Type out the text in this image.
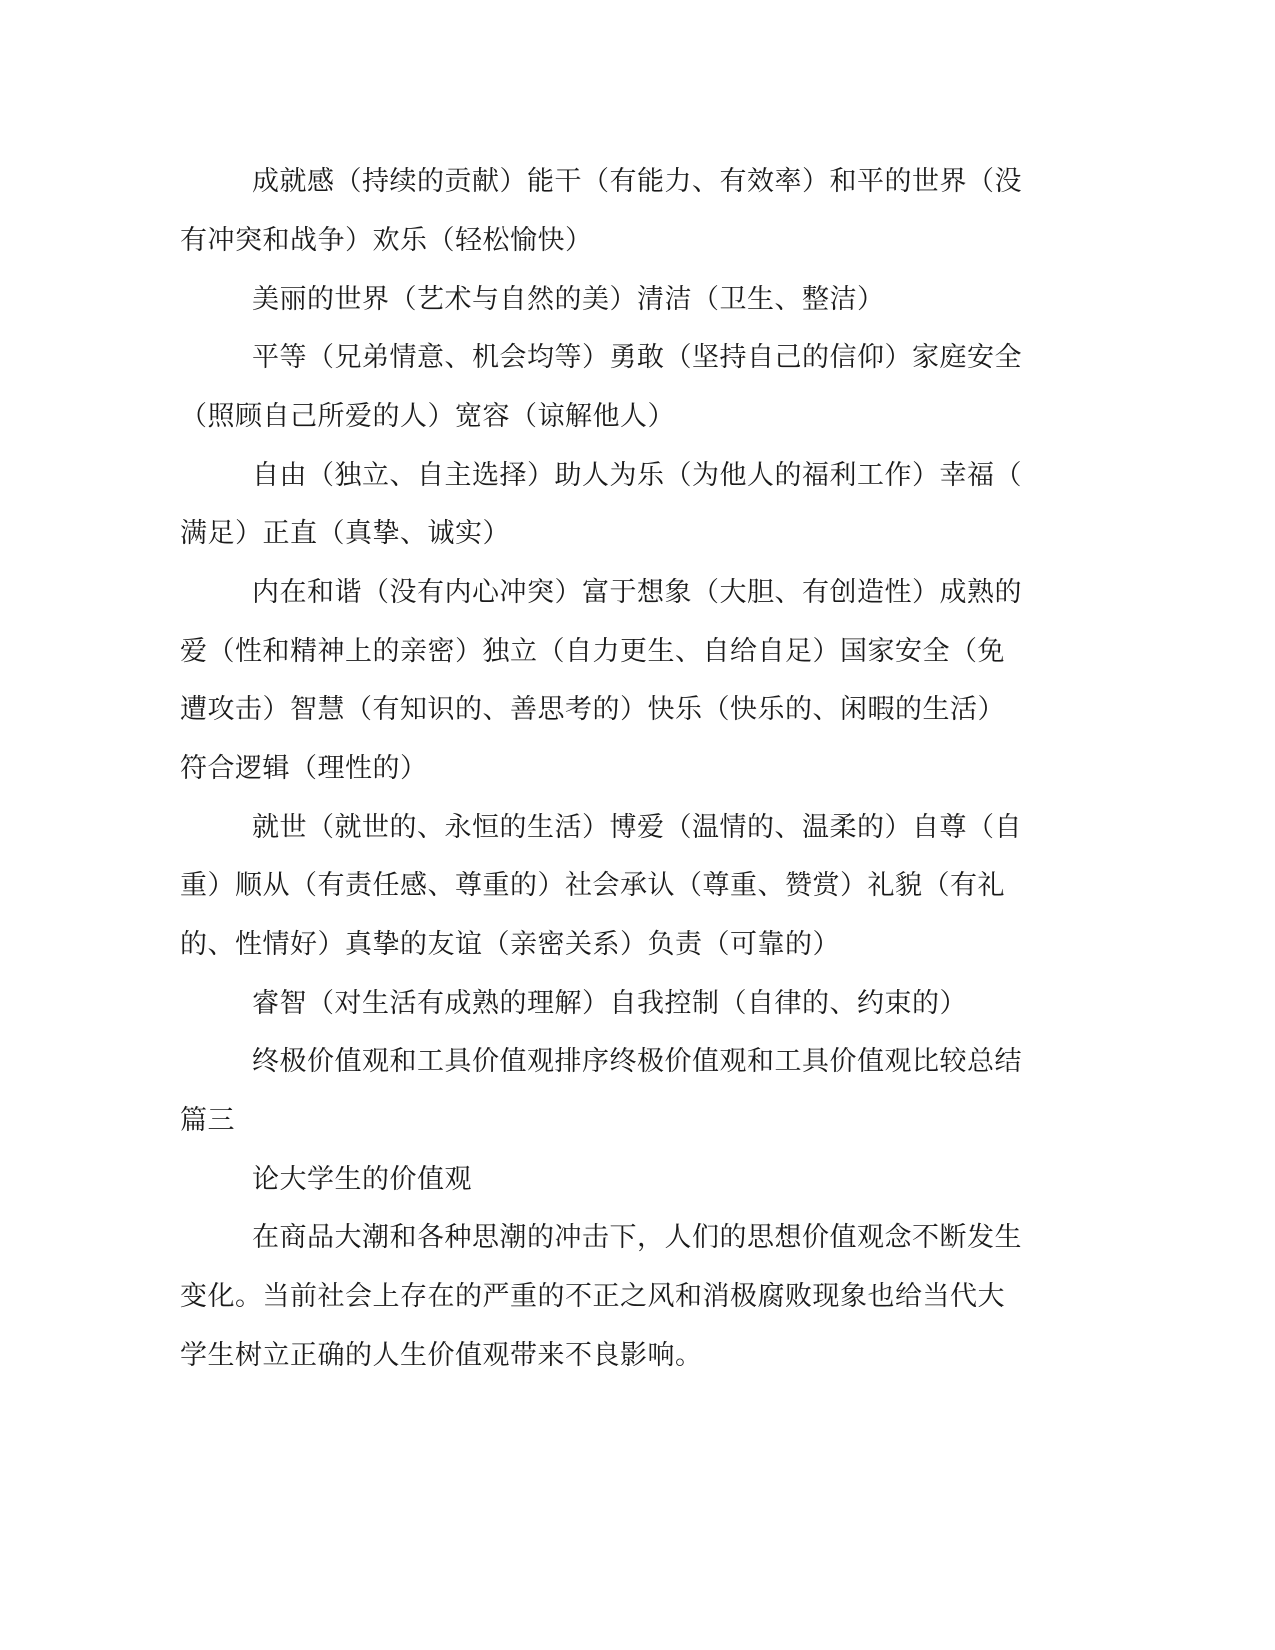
成就感（持续的贡献）能干（有能力、有效率）和平的世界（没
有冲突和战争）欢乐（轻松愉快）
美丽的世界（艺术与自然的美）清洁（卫生、整洁）
平等（兄弟情意、机会均等）勇敢（坚持自己的信仰）家庭安全
（照顾自己所爱的人）宽容（谅解他人）
自由（独立、自主选择）助人为乐（为他人的福利工作）幸福（
满足）正直（真挚、诚实）
内在和谐（没有内心冲突）富于想象（大胆、有创造性）成熟的
爱（性和精神上的亲密）独立（自力更生、自给自足）国家安全（免
遭攻击）智慧（有知识的、善思考的）快乐（快乐的、闲暇的生活）
符合逻辑（理性的）
就世（就世的、永恒的生活）博爱（温情的、温柔的）自尊（自
重）顺从（有责任感、尊重的）社会承认（尊重、赞赏）礼貌（有礼
的、性情好）真挚的友谊（亲密关系）负责（可靠的）
睿智（对生活有成熟的理解）自我控制（自律的、约束的）
终极价值观和工具价值观排序终极价值观和工具价值观比较总结
篇三
论大学生的价值观
在商品大潮和各种思潮的冲击下，人们的思想价值观念不断发生
变化。当前社会上存在的严重的不正之风和消极腐败现象也给当代大
学生树立正确的人生价值观带来不良影响。
